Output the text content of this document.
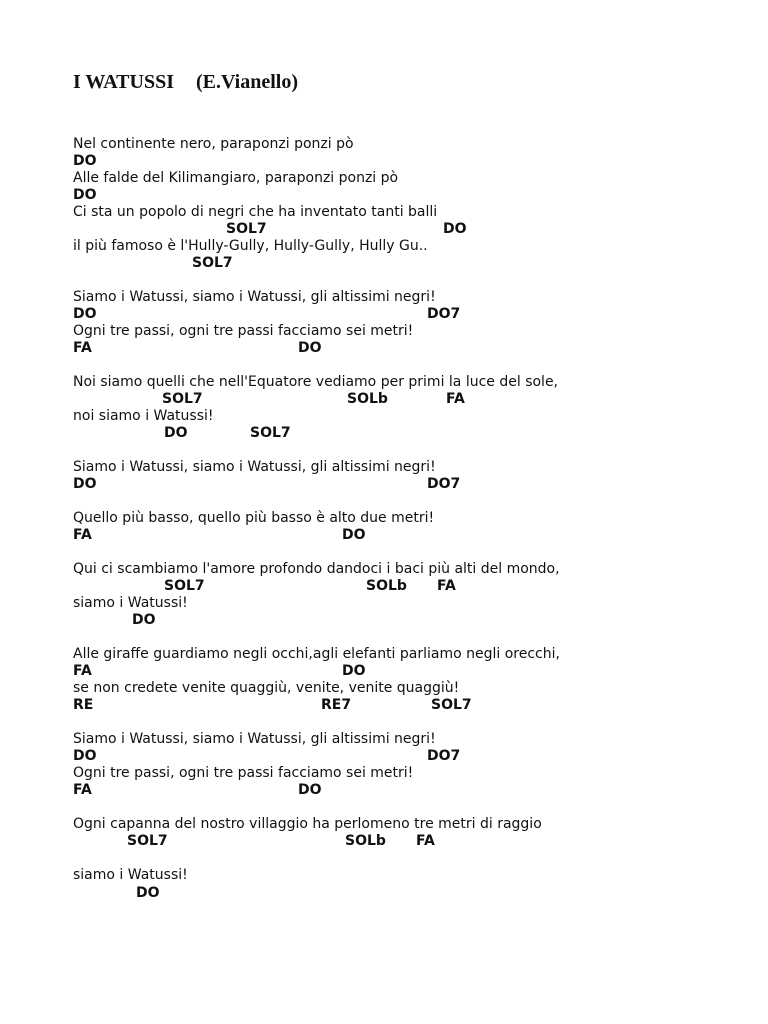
I WATUSSI (E.Vianello)

Nel continente nero, paraponzi ponzi pò

DO

Alle falde del Kilimangiaro, paraponzi ponzi pò

DO

Ci sta un popolo di negri che ha inventato tanti balli

SOL7	DO

il più famoso è l'Hully-Gully, Hully-Gully, Hully Gu..

SOL7

Siamo i Watussi, siamo i Watussi, gli altissimi negri!

DO	DO7

Ogni tre passi, ogni tre passi facciamo sei metri!

FA	DO

Noi siamo quelli che nell'Equatore vediamo per primi la luce del sole,

SOL7	SOLb	FA

noi siamo i Watussi!

DO	SOL7

Siamo i Watussi, siamo i Watussi, gli altissimi negri!

DO	DO7

Quello più basso, quello più basso è alto due metri!

FA	DO

Qui ci scambiamo l'amore profondo dandoci i baci più alti del mondo,

SOL7	SOLb FA

siamo i Watussi!

DO

Alle giraffe guardiamo negli occhi,agli elefanti parliamo negli orecchi,

FA	DO

se non credete venite quaggiù, venite, venite quaggiù!

RE	RE7	SOL7

Siamo i Watussi, siamo i Watussi, gli altissimi negri!

DO	DO7

Ogni tre passi, ogni tre passi facciamo sei metri!

FA	DO

Ogni capanna del nostro villaggio ha perlomeno tre metri di raggio

SOL7	SOLb FA

siamo i Watussi!

DO
